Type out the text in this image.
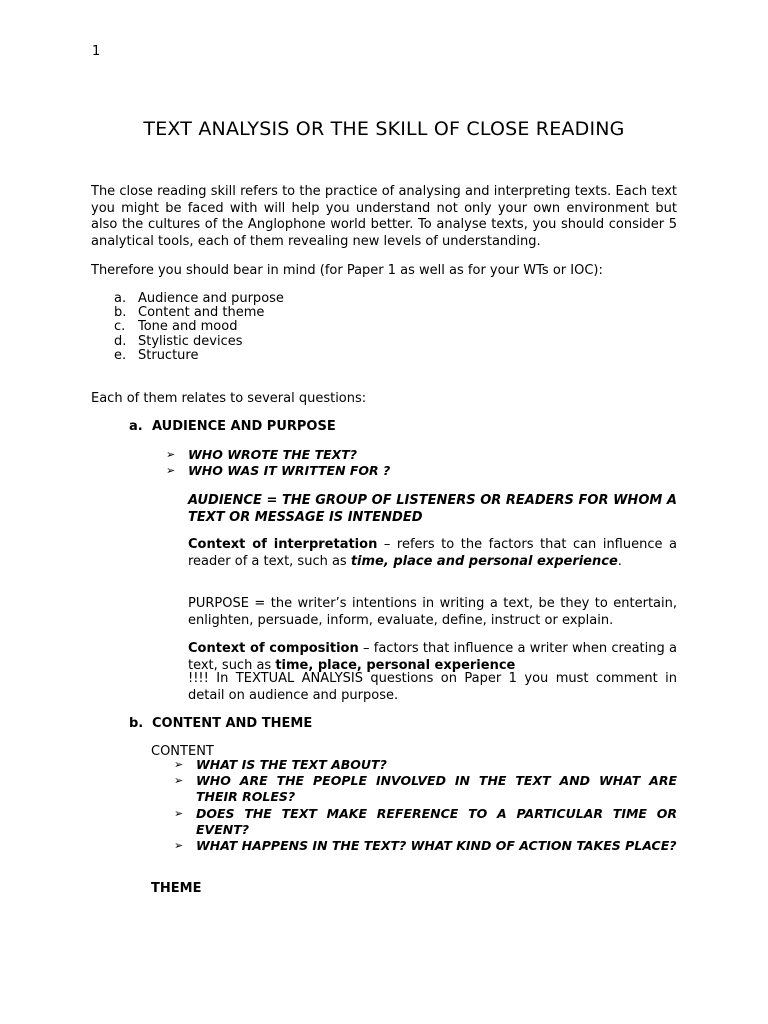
1
TEXT ANALYSIS OR THE SKILL OF CLOSE READING
The close reading skill refers to the practice of analysing and interpreting texts. Each text you might be faced with will help you understand not only your own environment but also the cultures of the Anglophone world better. To analyse texts, you should consider 5 analytical tools, each of them revealing new levels of understanding.
Therefore you should bear in mind (for Paper 1 as well as for your WTs or IOC):
a. Audience and purpose
b. Content and theme
c. Tone and mood
d. Stylistic devices
e. Structure
Each of them relates to several questions:
a. AUDIENCE AND PURPOSE
➢	WHO WROTE THE TEXT?
➢	WHO WAS IT WRITTEN FOR ?
AUDIENCE = THE GROUP OF LISTENERS OR READERS FOR WHOM A TEXT OR MESSAGE IS INTENDED
Context of interpretation – refers to the factors that can influence a reader of a text, such as time, place and personal experience.
PURPOSE = the writer’s intentions in writing a text, be they to entertain, enlighten, persuade, inform, evaluate, define, instruct or explain.
Context of composition – factors that influence a writer when creating a text, such as time, place, personal experience
!!!! In TEXTUAL ANALYSIS questions on Paper 1 you must comment in detail on audience and purpose.
b. CONTENT AND THEME
CONTENT
➢	WHAT IS THE TEXT ABOUT?
➢	WHO ARE THE PEOPLE INVOLVED IN THE TEXT AND WHAT ARE THEIR ROLES?
➢	DOES THE TEXT MAKE REFERENCE TO A PARTICULAR TIME OR EVENT?
➢	WHAT HAPPENS IN THE TEXT? WHAT KIND OF ACTION TAKES PLACE?
THEME
